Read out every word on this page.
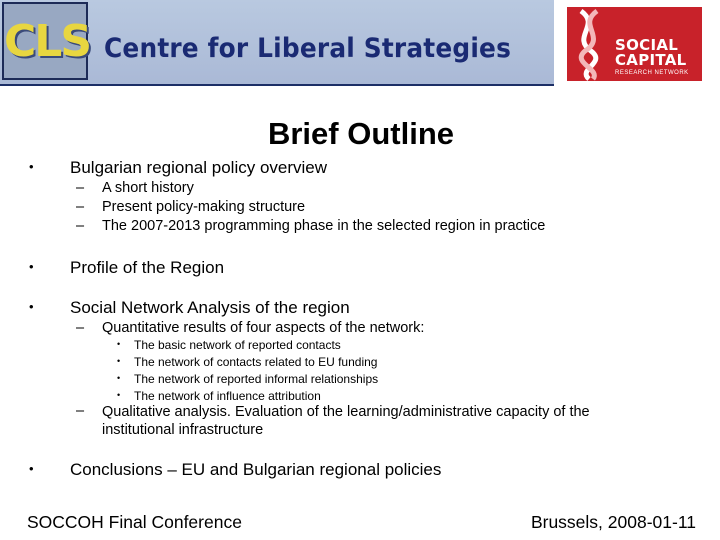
CLS Centre for Liberal Strategies	SOCIAL
CAPITAL
RESEARCH NETWORK
Brief Outline
• Bulgarian regional policy overview
– A short history
– Present policy-making structure
– The 2007-2013 programming phase in the selected region in practice
• Profile of the Region
• Social Network Analysis of the region
– Quantitative results of four aspects of the network:
• The basic network of reported contacts
• The network of contacts related to EU funding
• The network of reported informal relationships
• The network of influence attribution
– Qualitative analysis. Evaluation of the learning/administrative capacity of the institutional infrastructure
• Conclusions – EU and Bulgarian regional policies
SOCCOH Final Conference	Brussels, 2008-01-11
